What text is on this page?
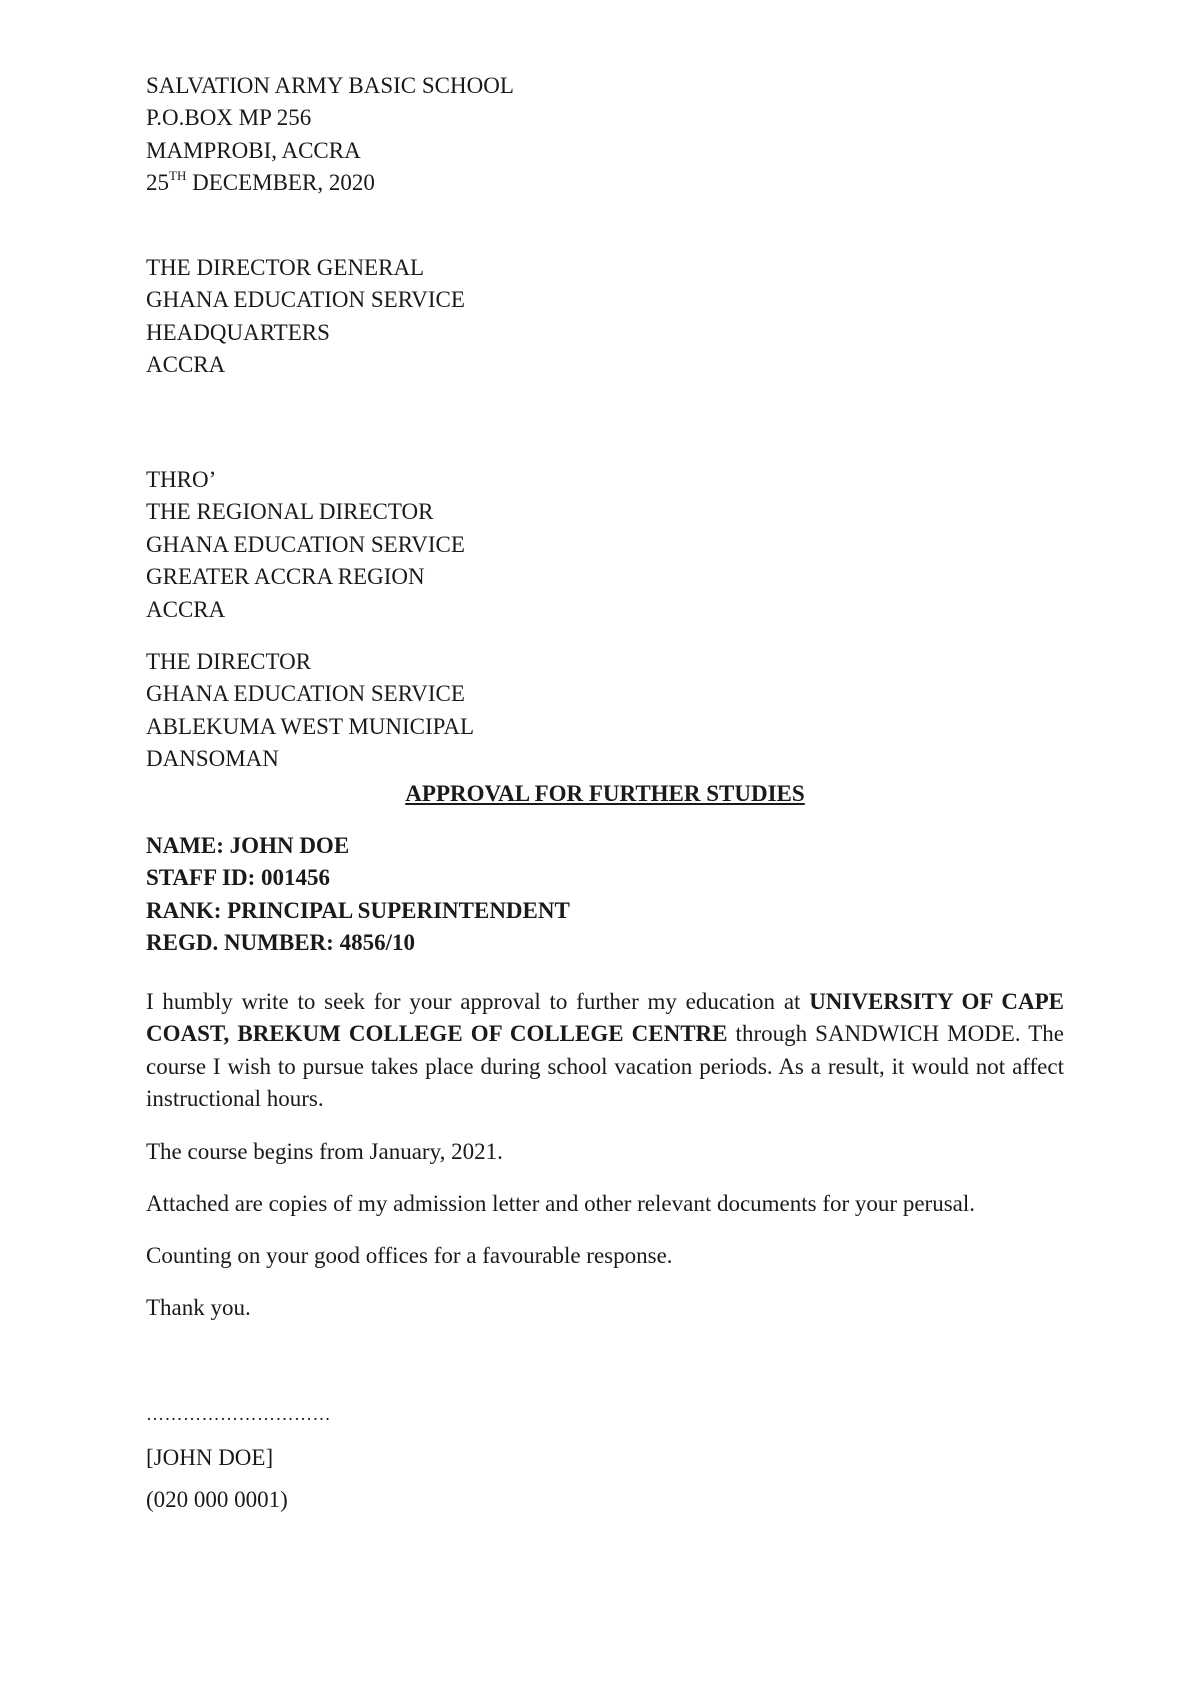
SALVATION ARMY BASIC SCHOOL
P.O.BOX MP 256
MAMPROBI, ACCRA
25TH DECEMBER, 2020
THE DIRECTOR GENERAL
GHANA EDUCATION SERVICE
HEADQUARTERS
ACCRA
THRO’
THE REGIONAL DIRECTOR
GHANA EDUCATION SERVICE
GREATER ACCRA REGION
ACCRA
THE DIRECTOR
GHANA EDUCATION SERVICE
ABLEKUMA WEST MUNICIPAL
DANSOMAN
APPROVAL FOR FURTHER STUDIES
NAME: JOHN DOE
STAFF ID: 001456
RANK: PRINCIPAL SUPERINTENDENT
REGD. NUMBER: 4856/10
I humbly write to seek for your approval to further my education at UNIVERSITY OF CAPE COAST, BREKUM COLLEGE OF COLLEGE CENTRE through SANDWICH MODE. The course I wish to pursue takes place during school vacation periods. As a result, it would not affect instructional hours.
The course begins from January, 2021.
Attached are copies of my admission letter and other relevant documents for your perusal.
Counting on your good offices for a favourable response.
Thank you.
…………………………
[JOHN DOE]
(020 000 0001)
